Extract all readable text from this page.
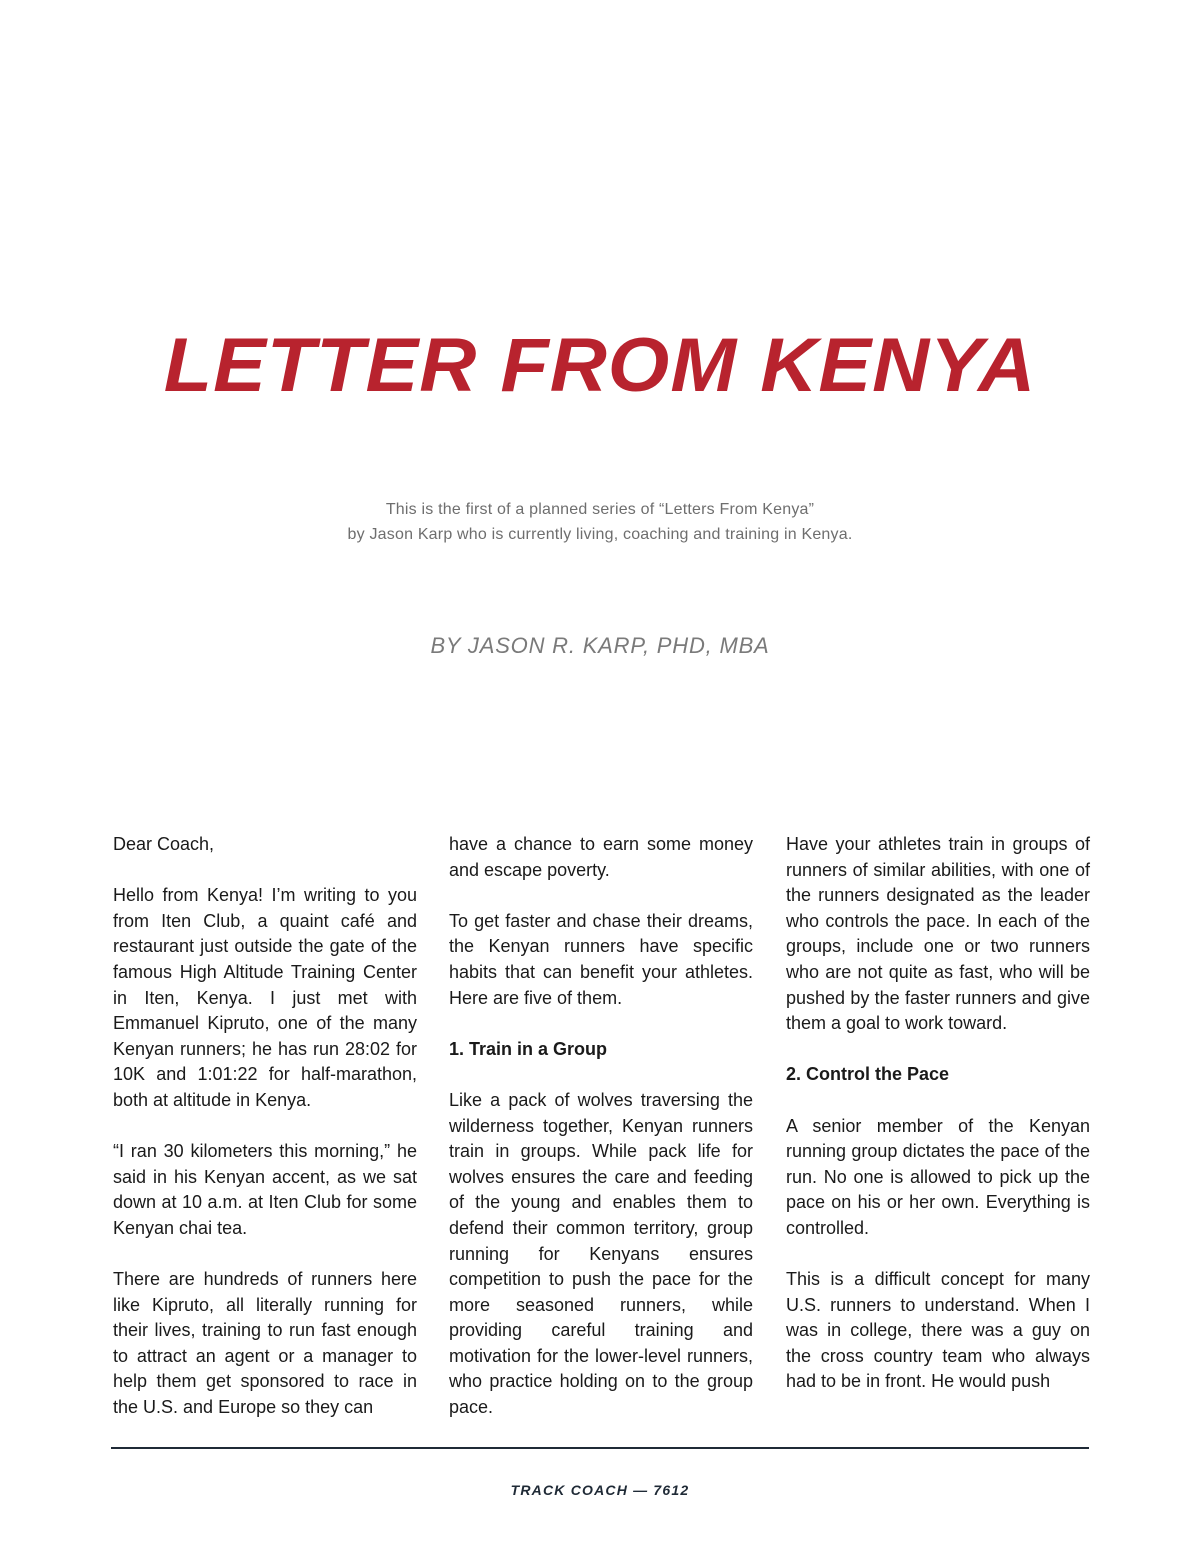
LETTER FROM KENYA
This is the first of a planned series of “Letters From Kenya”
by Jason Karp who is currently living, coaching and training in Kenya.
BY JASON R. KARP, PHD, MBA

Dear Coach,

Hello from Kenya! I’m writing to you from Iten Club, a quaint café and restaurant just outside the gate of the famous High Altitude Training Center in Iten, Kenya. I just met with Emmanuel Kipruto, one of the many Kenyan runners; he has run 28:02 for 10K and 1:01:22 for half-marathon, both at altitude in Kenya.

“I ran 30 kilometers this morning,” he said in his Kenyan accent, as we sat down at 10 a.m. at Iten Club for some Kenyan chai tea.

There are hundreds of runners here like Kipruto, all literally running for their lives, training to run fast enough to attract an agent or a manager to help them get sponsored to race in the U.S. and Europe so they can

have a chance to earn some money and escape poverty.

To get faster and chase their dreams, the Kenyan runners have specific habits that can benefit your athletes. Here are five of them.

1. Train in a Group

Like a pack of wolves traversing the wilderness together, Kenyan runners train in groups. While pack life for wolves ensures the care and feeding of the young and enables them to defend their common territory, group running for Kenyans ensures competition to push the pace for the more seasoned runners, while providing careful training and motivation for the lower-level runners, who practice holding on to the group pace.

Have your athletes train in groups of runners of similar abilities, with one of the runners designated as the leader who controls the pace. In each of the groups, include one or two runners who are not quite as fast, who will be pushed by the faster runners and give them a goal to work toward.

2. Control the Pace

A senior member of the Kenyan running group dictates the pace of the run. No one is allowed to pick up the pace on his or her own. Everything is controlled.

This is a difficult concept for many U.S. runners to understand. When I was in college, there was a guy on the cross country team who always had to be in front. He would push

TRACK COACH — 7612
